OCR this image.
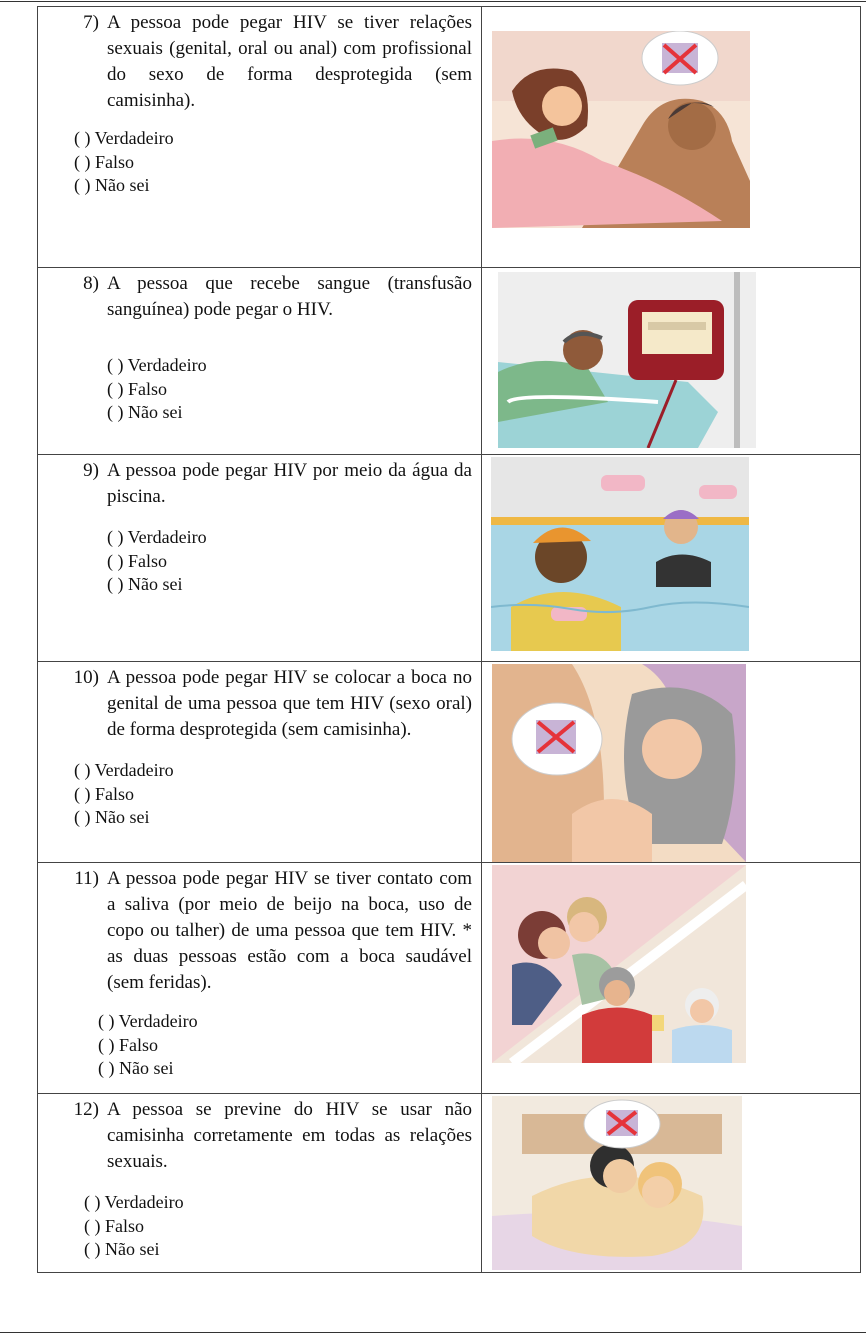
7) A pessoa pode pegar HIV se tiver relações sexuais (genital, oral ou anal) com profissional do sexo de forma desprotegida (sem camisinha).
( ) Verdadeiro
( ) Falso
( ) Não sei

8) A pessoa que recebe sangue (transfusão sanguínea) pode pegar o HIV.
( ) Verdadeiro
( ) Falso
( ) Não sei

9) A pessoa pode pegar HIV por meio da água da piscina.
( ) Verdadeiro
( ) Falso
( ) Não sei

10) A pessoa pode pegar HIV se colocar a boca no genital de uma pessoa que tem HIV (sexo oral) de forma desprotegida (sem camisinha).
( ) Verdadeiro
( ) Falso
( ) Não sei

11) A pessoa pode pegar HIV se tiver contato com a saliva (por meio de beijo na boca, uso de copo ou talher) de uma pessoa que tem HIV. * as duas pessoas estão com a boca saudável (sem feridas).
( ) Verdadeiro
( ) Falso
( ) Não sei

12) A pessoa se previne do HIV se usar não camisinha corretamente em todas as relações sexuais.
( ) Verdadeiro
( ) Falso
( ) Não sei
